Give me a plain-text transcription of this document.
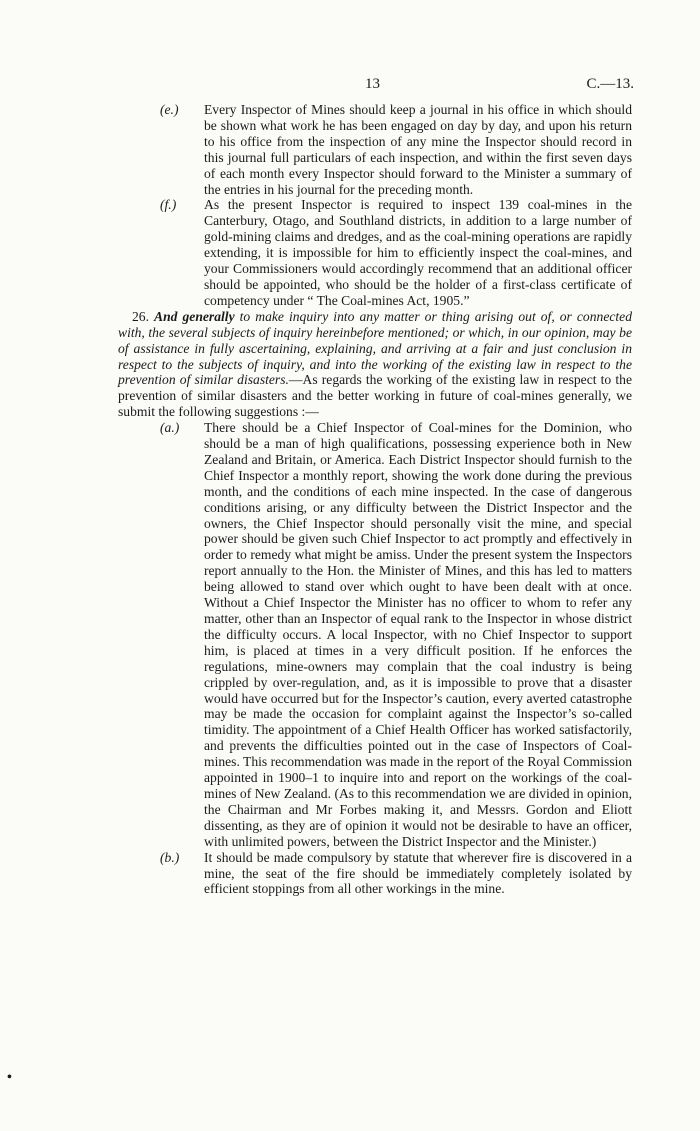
13	C.—13.
(e.) Every Inspector of Mines should keep a journal in his office in which should be shown what work he has been engaged on day by day, and upon his return to his office from the inspection of any mine the Inspector should record in this journal full particulars of each inspection, and within the first seven days of each month every Inspector should forward to the Minister a summary of the entries in his journal for the preceding month.

(f.) As the present Inspector is required to inspect 139 coal-mines in the Canterbury, Otago, and Southland districts, in addition to a large number of gold-mining claims and dredges, and as the coal-mining operations are rapidly extending, it is impossible for him to efficiently inspect the coal-mines, and your Commissioners would accordingly recommend that an additional officer should be appointed, who should be the holder of a first-class certificate of competency under “ The Coal-mines Act, 1905.”

26. And generally to make inquiry into any matter or thing arising out of, or connected with, the several subjects of inquiry hereinbefore mentioned; or which, in our opinion, may be of assistance in fully ascertaining, explaining, and arriving at a fair and just conclusion in respect to the subjects of inquiry, and into the working of the existing law in respect to the prevention of similar disasters.—As regards the working of the existing law in respect to the prevention of similar disasters and the better working in future of coal-mines generally, we submit the following suggestions :—

(a.) There should be a Chief Inspector of Coal-mines for the Dominion, who should be a man of high qualifications, possessing experience both in New Zealand and Britain, or America. Each District Inspector should furnish to the Chief Inspector a monthly report, showing the work done during the previous month, and the conditions of each mine inspected. In the case of dangerous conditions arising, or any difficulty between the District Inspector and the owners, the Chief Inspector should personally visit the mine, and special power should be given such Chief Inspector to act promptly and effectively in order to remedy what might be amiss. Under the present system the Inspectors report annually to the Hon. the Minister of Mines, and this has led to matters being allowed to stand over which ought to have been dealt with at once. Without a Chief Inspector the Minister has no officer to whom to refer any matter, other than an Inspector of equal rank to the Inspector in whose district the difficulty occurs. A local Inspector, with no Chief Inspector to support him, is placed at times in a very difficult position. If he enforces the regulations, mine-owners may complain that the coal industry is being crippled by over-regulation, and, as it is impossible to prove that a disaster would have occurred but for the Inspector’s caution, every averted catastrophe may be made the occasion for complaint against the Inspector’s so-called timidity. The appointment of a Chief Health Officer has worked satisfactorily, and prevents the difficulties pointed out in the case of Inspectors of Coal-mines. This recommendation was made in the report of the Royal Commission appointed in 1900–1 to inquire into and report on the workings of the coal-mines of New Zealand. (As to this recommendation we are divided in opinion, the Chairman and Mr Forbes making it, and Messrs. Gordon and Eliott dissenting, as they are of opinion it would not be desirable to have an officer, with unlimited powers, between the District Inspector and the Minister.)

(b.) It should be made compulsory by statute that wherever fire is discovered in a mine, the seat of the fire should be immediately completely isolated by efficient stoppings from all other workings in the mine.

•
